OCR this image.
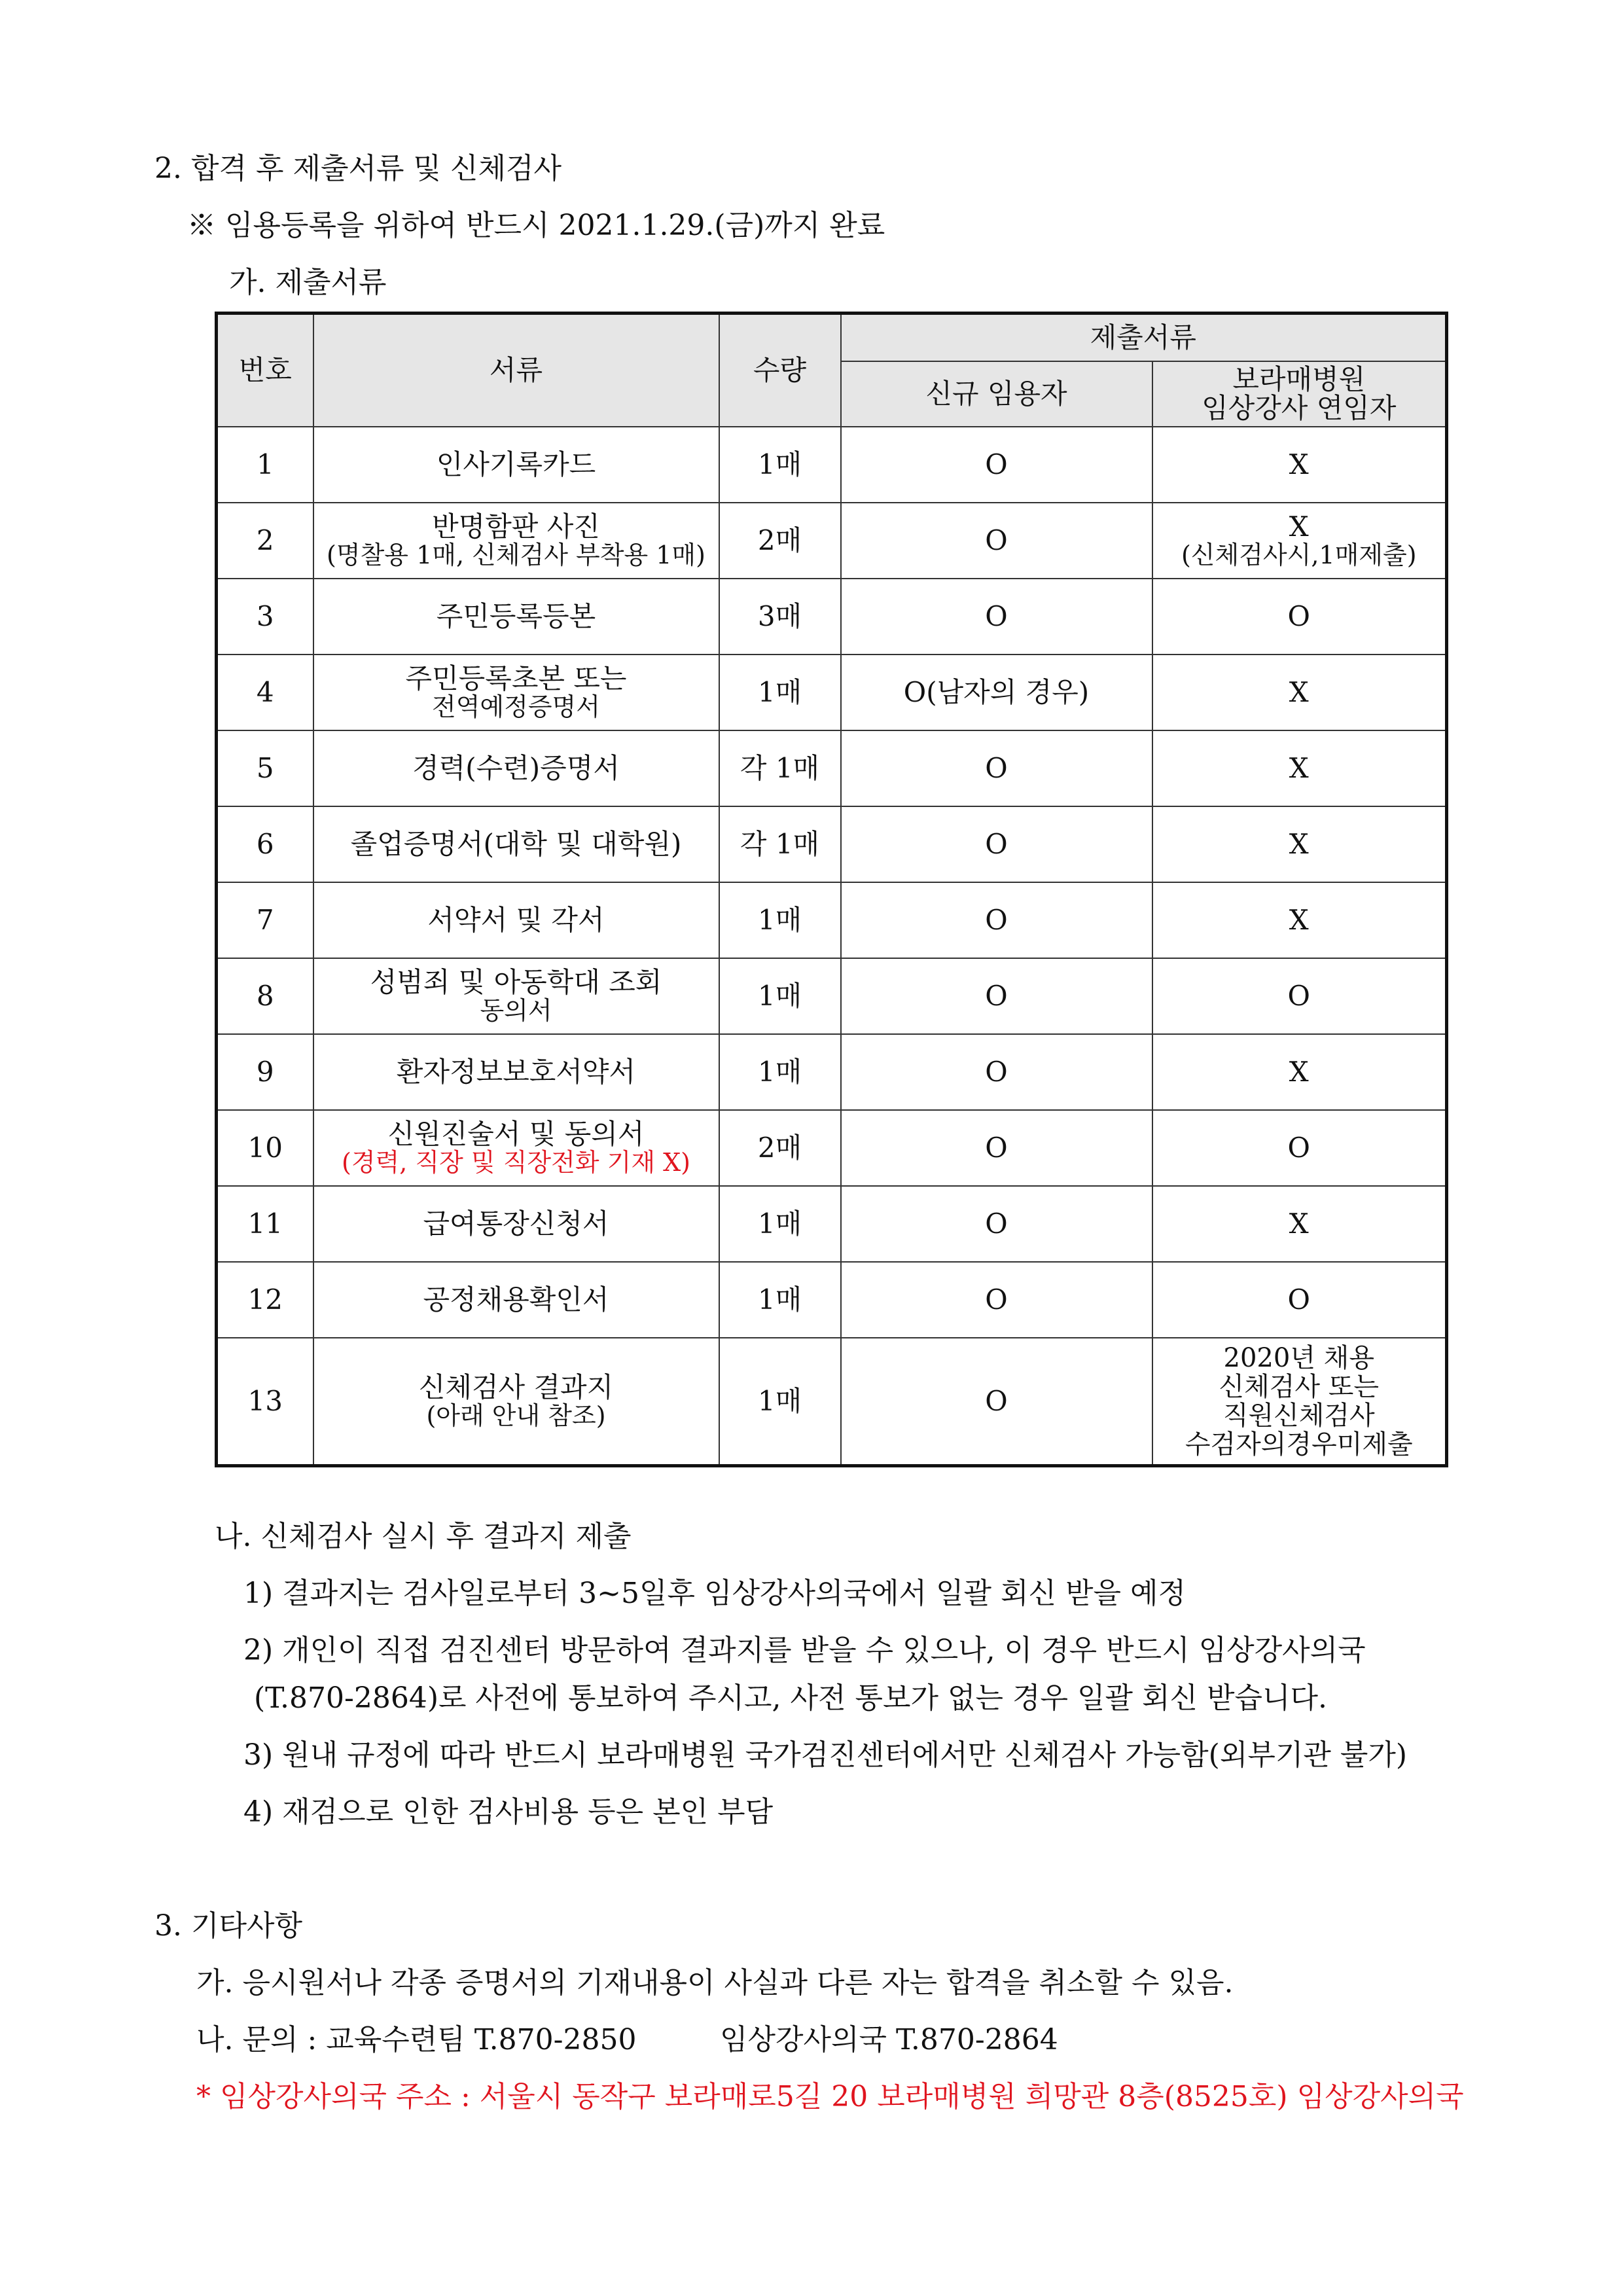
2. 합격 후 제출서류 및 신체검사
※ 임용등록을 위하여 반드시 2021.1.29.(금)까지 완료
가. 제출서류
번호	서류	수량	제출서류	
			신규 임용자	보라매병원
임상강사 연임자

1	인사기록카드	1매	O	X

2	반명함판 사진
(명찰용 1매, 신체검사 부착용 1매)	2매	O	X
(신체검사시,1매제출)

3	주민등록등본	3매	O	O

4	주민등록초본 또는
전역예정증명서	1매	O(남자의 경우)	X

5	경력(수련)증명서	각 1매	O	X

6	졸업증명서(대학 및 대학원)	각 1매	O	X

7	서약서 및 각서	1매	O	X

8	성범죄 및 아동학대 조회
동의서	1매	O	O

9	환자정보보호서약서	1매	O	X

10	신원진술서 및 동의서
(경력, 직장 및 직장전화 기재 X)	2매	O	O

11	급여통장신청서	1매	O	X

12	공정채용확인서	1매	O	O

13	신체검사 결과지
(아래 안내 참조)	1매	O	2020년 채용
신체검사 또는
직원신체검사
수검자의경우미제출
나. 신체검사 실시 후 결과지 제출
1) 결과지는 검사일로부터 3~5일후 임상강사의국에서 일괄 회신 받을 예정
2) 개인이 직접 검진센터 방문하여 결과지를 받을 수 있으나, 이 경우 반드시 임상강사의국
(T.870-2864)로 사전에 통보하여 주시고, 사전 통보가 없는 경우 일괄 회신 받습니다.
3) 원내 규정에 따라 반드시 보라매병원 국가검진센터에서만 신체검사 가능함(외부기관 불가)
4) 재검으로 인한 검사비용 등은 본인 부담
3. 기타사항
가. 응시원서나 각종 증명서의 기재내용이 사실과 다른 자는 합격을 취소할 수 있음.
나. 문의 : 교육수련팀 T.870-2850	임상강사의국 T.870-2864
* 임상강사의국 주소 : 서울시 동작구 보라매로5길 20 보라매병원 희망관 8층(8525호) 임상강사의국
